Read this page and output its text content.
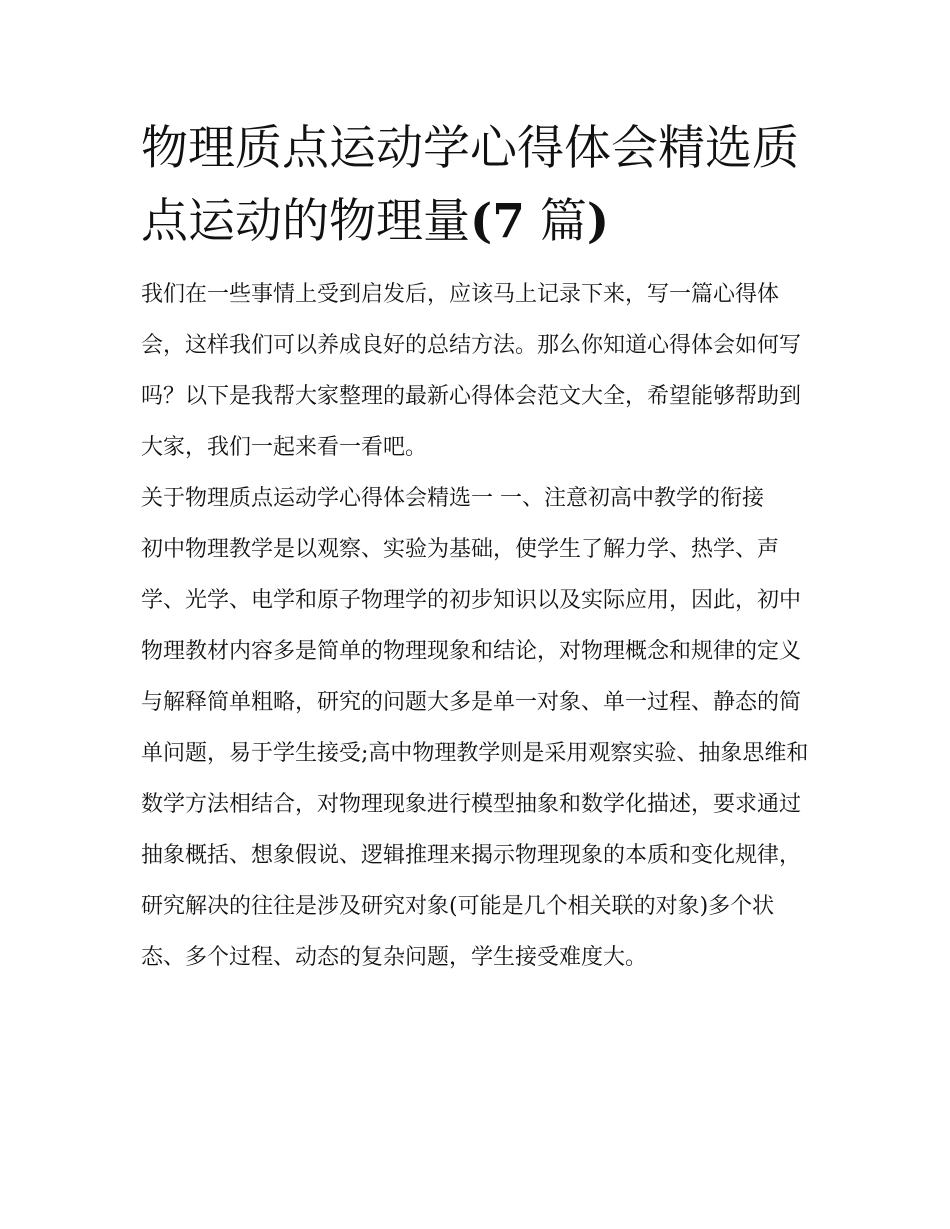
物理质点运动学心得体会精选质点运动的物理量(7 篇)

我们在一些事情上受到启发后，应该马上记录下来，写一篇心得体会，这样我们可以养成良好的总结方法。那么你知道心得体会如何写吗？以下是我帮大家整理的最新心得体会范文大全，希望能够帮助到大家，我们一起来看一看吧。

关于物理质点运动学心得体会精选一 一、注意初高中教学的衔接

初中物理教学是以观察、实验为基础，使学生了解力学、热学、声学、光学、电学和原子物理学的初步知识以及实际应用，因此，初中物理教材内容多是简单的物理现象和结论，对物理概念和规律的定义与解释简单粗略，研究的问题大多是单一对象、单一过程、静态的简单问题，易于学生接受;高中物理教学则是采用观察实验、抽象思维和数学方法相结合，对物理现象进行模型抽象和数学化描述，要求通过抽象概括、想象假说、逻辑推理来揭示物理现象的本质和变化规律，研究解决的往往是涉及研究对象(可能是几个相关联的对象)多个状态、多个过程、动态的复杂问题，学生接受难度大。
